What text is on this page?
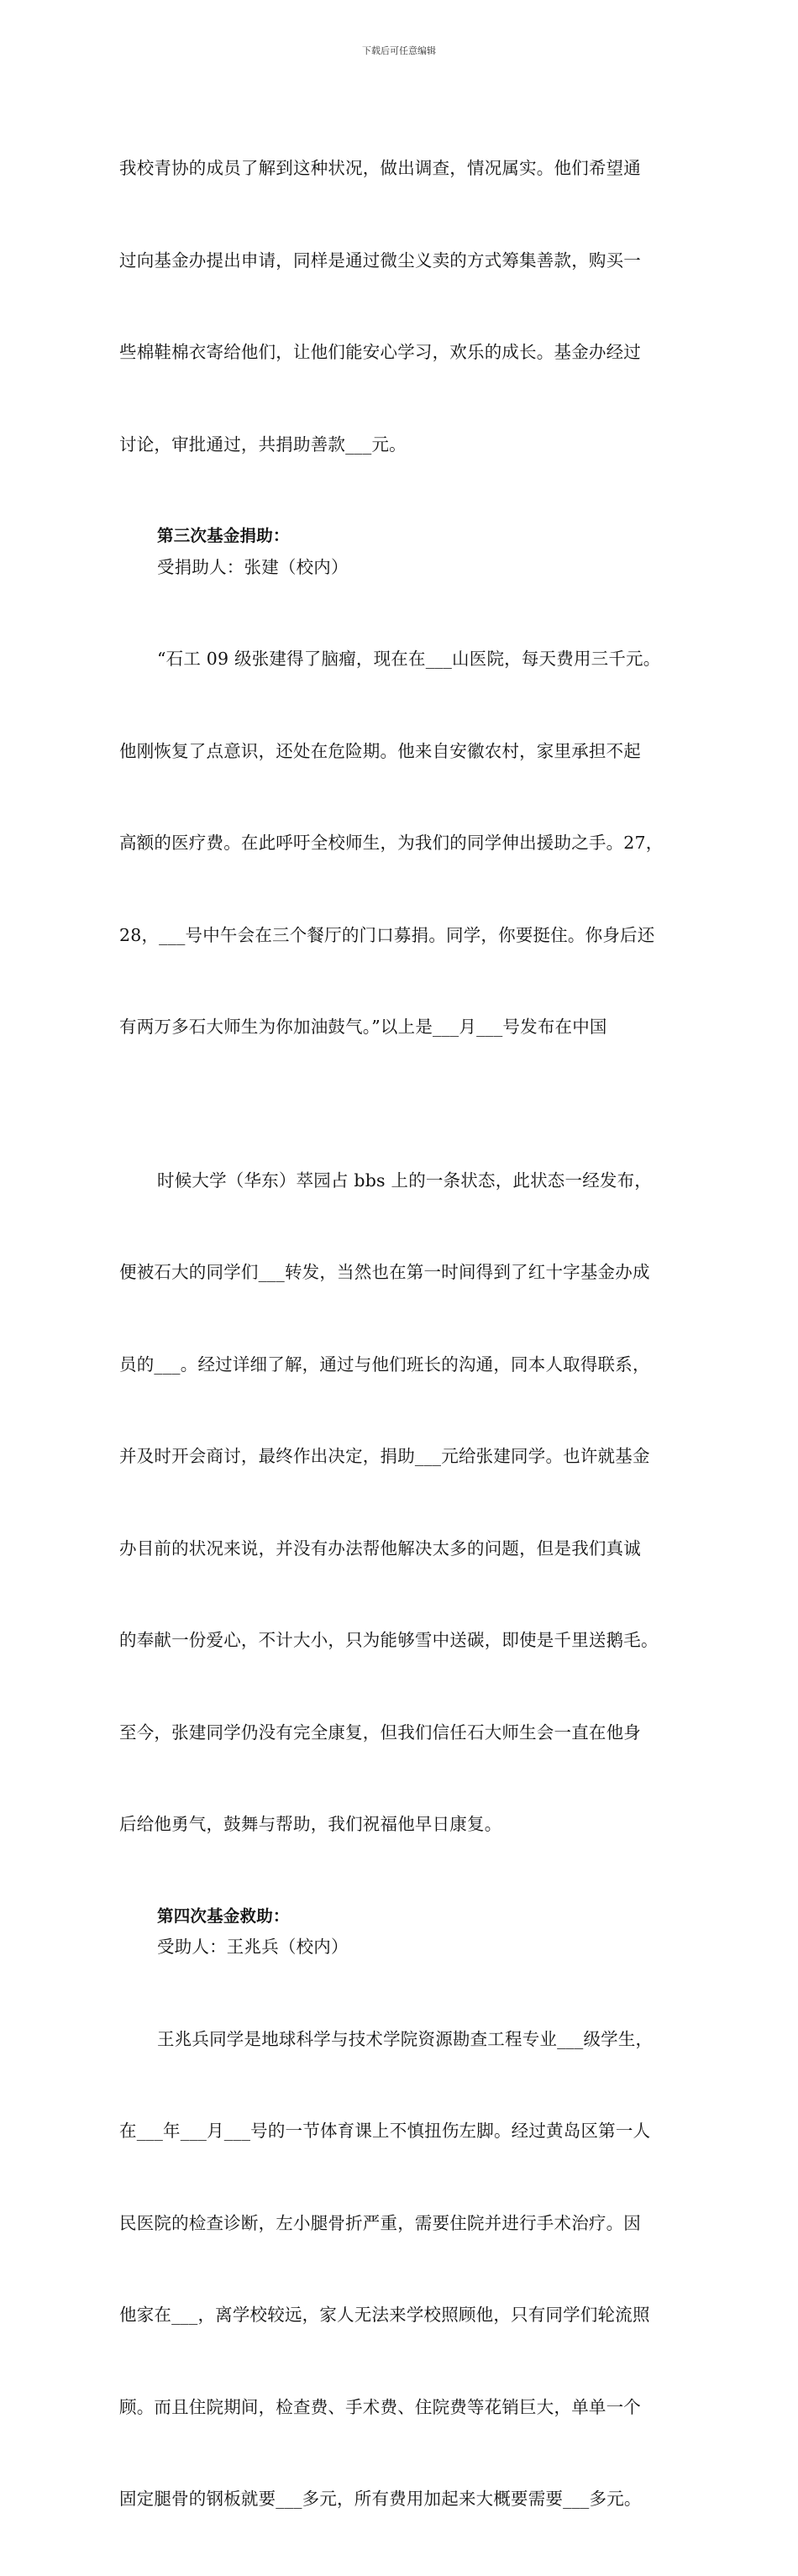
下载后可任意编辑

我校青协的成员了解到这种状况，做出调查，情况属实。他们希望通

过向基金办提出申请，同样是通过微尘义卖的方式筹集善款，购买一

些棉鞋棉衣寄给他们，让他们能安心学习，欢乐的成长。基金办经过

讨论，审批通过，共捐助善款___元。

第三次基金捐助：

受捐助人：张建（校内）

“石工 09 级张建得了脑瘤，现在在___山医院，每天费用三千元。

他刚恢复了点意识，还处在危险期。他来自安徽农村，家里承担不起

高额的医疗费。在此呼吁全校师生，为我们的同学伸出援助之手。27，

28，___号中午会在三个餐厅的门口募捐。同学，你要挺住。你身后还

有两万多石大师生为你加油鼓气。”以上是___月___号发布在中国

时候大学（华东）萃园占 bbs 上的一条状态，此状态一经发布，

便被石大的同学们___转发，当然也在第一时间得到了红十字基金办成

员的___。经过详细了解，通过与他们班长的沟通，同本人取得联系，

并及时开会商讨，最终作出决定，捐助___元给张建同学。也许就基金

办目前的状况来说，并没有办法帮他解决太多的问题，但是我们真诚

的奉献一份爱心，不计大小，只为能够雪中送碳，即使是千里送鹅毛。

至今，张建同学仍没有完全康复，但我们信任石大师生会一直在他身

后给他勇气，鼓舞与帮助，我们祝福他早日康复。

第四次基金救助：

受助人：王兆兵（校内）

王兆兵同学是地球科学与技术学院资源勘查工程专业___级学生，

在___年___月___号的一节体育课上不慎扭伤左脚。经过黄岛区第一人

民医院的检查诊断，左小腿骨折严重，需要住院并进行手术治疗。因

他家在___，离学校较远，家人无法来学校照顾他，只有同学们轮流照

顾。而且住院期间，检查费、手术费、住院费等花销巨大，单单一个

固定腿骨的钢板就要___多元，所有费用加起来大概要需要___多元。
